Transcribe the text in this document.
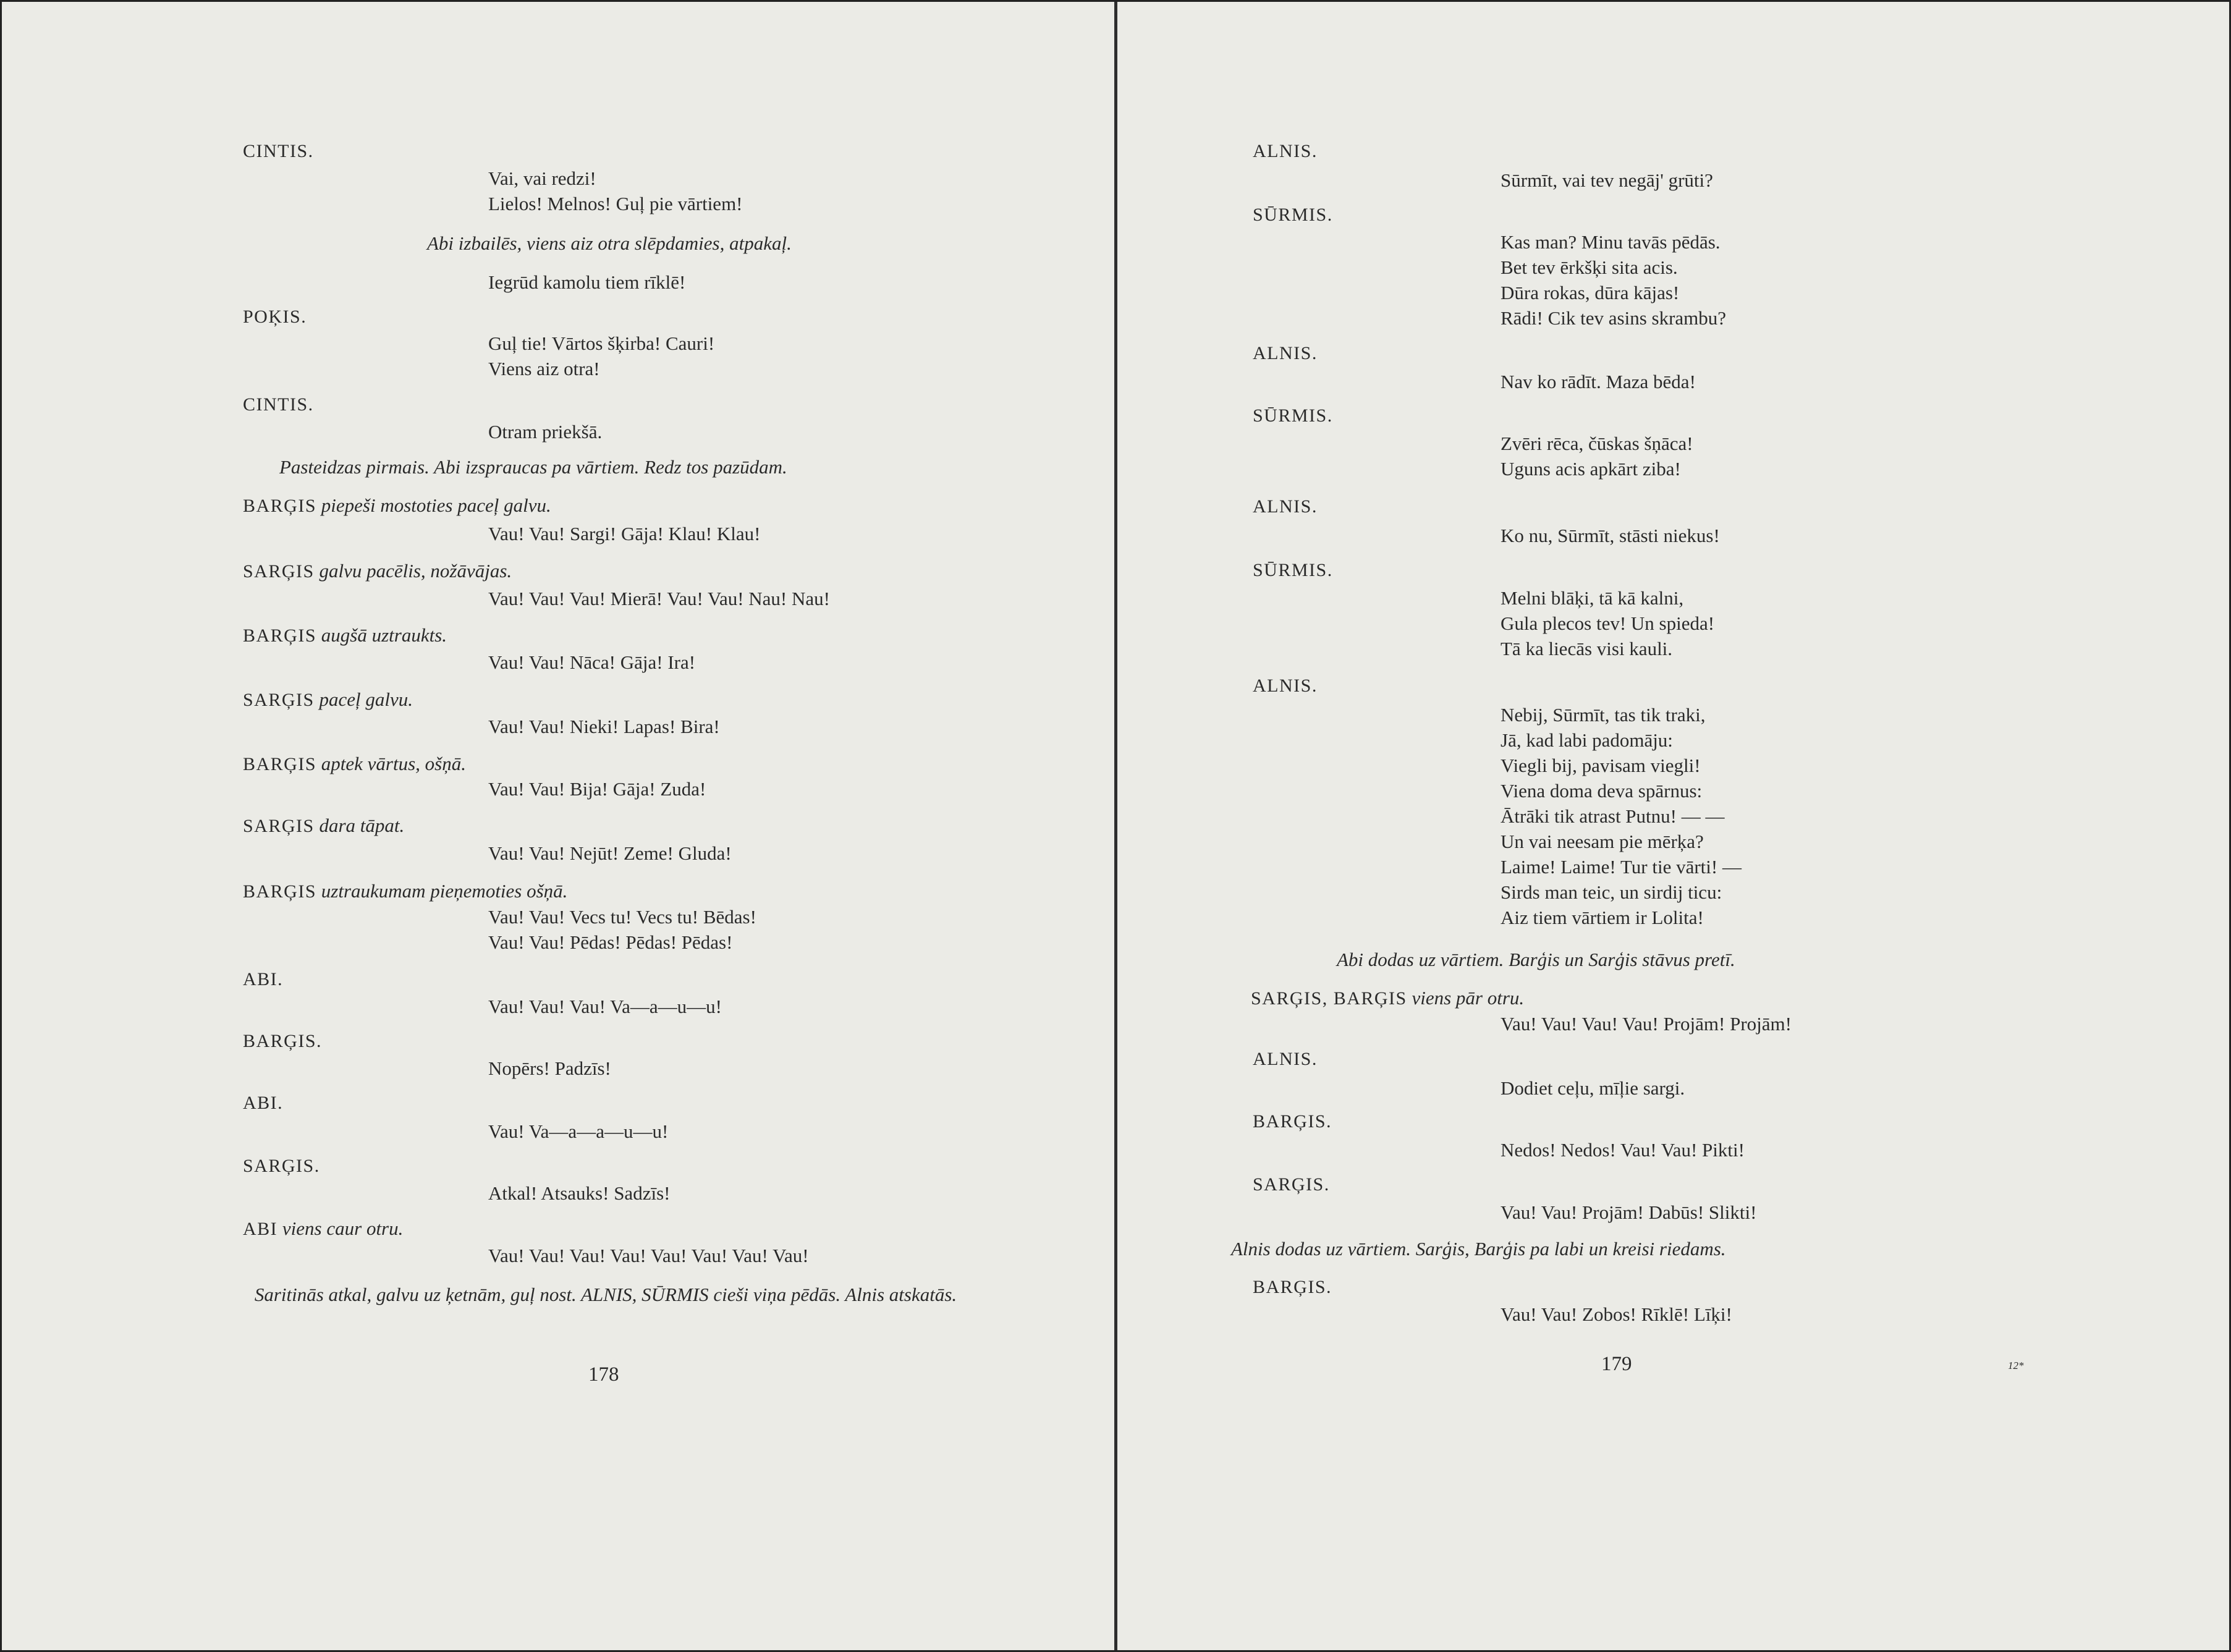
CINTIS.

Vai, vai redzi!
Lielos! Melnos! Guļ pie vārtiem!

Abi izbailēs, viens aiz otra slēpdamies, atpakaļ.

Iegrūd kamolu tiem rīklē!

POĶIS.

Guļ tie! Vārtos šķirba! Cauri!
Viens aiz otra!

CINTIS.

Otram priekšā.

Pasteidzas pirmais. Abi izspraucas pa vārtiem. Redz tos pazūdam.

BARĢIS piepeši mostoties paceļ galvu.

Vau! Vau! Sargi! Gāja! Klau! Klau!

SARĢIS galvu pacēlis, nožāvājas.

Vau! Vau! Vau! Mierā! Vau! Vau! Nau! Nau!

BARĢIS augšā uztraukts.

Vau! Vau! Nāca! Gāja! Ira!

SARĢIS paceļ galvu.

Vau! Vau! Nieki! Lapas! Bira!

BARĢIS aptek vārtus, ošņā.

Vau! Vau! Bija! Gāja! Zuda!

SARĢIS dara tāpat.

Vau! Vau! Nejūt! Zeme! Gluda!

BARĢIS uztraukumam pieņemoties ošņā.

Vau! Vau! Vecs tu! Vecs tu! Bēdas!
Vau! Vau! Pēdas! Pēdas! Pēdas!

ABI.

Vau! Vau! Vau! Va—a—u—u!

BARĢIS.

Nopērs! Padzīs!

ABI.

Vau! Va—a—a—u—u!

SARĢIS.

Atkal! Atsauks! Sadzīs!

ABI viens caur otru.

Vau! Vau! Vau! Vau! Vau! Vau! Vau! Vau!

Saritinās atkal, galvu uz ķetnām, guļ nost. ALNIS, SŪRMIS cieši viņa pēdās. Alnis atskatās.

178

ALNIS.

Sūrmīt, vai tev negāj' grūti?

SŪRMIS.

Kas man? Minu tavās pēdās.
Bet tev ērkšķi sita acis.
Dūra rokas, dūra kājas!
Rādi! Cik tev asins skrambu?

ALNIS.

Nav ko rādīt. Maza bēda!

SŪRMIS.

Zvēri rēca, čūskas šņāca!
Uguns acis apkārt ziba!

ALNIS.

Ko nu, Sūrmīt, stāsti niekus!

SŪRMIS.

Melni blāķi, tā kā kalni,
Gula plecos tev! Un spieda!
Tā ka liecās visi kauli.

ALNIS.

Nebij, Sūrmīt, tas tik traki,
Jā, kad labi padomāju:
Viegli bij, pavisam viegli!
Viena doma deva spārnus:
Ātrāki tik atrast Putnu! — —
Un vai neesam pie mērķa?
Laime! Laime! Tur tie vārti! —
Sirds man teic, un sirdij ticu:
Aiz tiem vārtiem ir Lolita!

Abi dodas uz vārtiem. Barģis un Sarģis stāvus pretī.

SARĢIS, BARĢIS viens pār otru.

Vau! Vau! Vau! Vau! Projām! Projām!

ALNIS.

Dodiet ceļu, mīļie sargi.

BARĢIS.

Nedos! Nedos! Vau! Vau! Pikti!

SARĢIS.

Vau! Vau! Projām! Dabūs! Slikti!

Alnis dodas uz vārtiem. Sarģis, Barģis pa labi un kreisi riedams.

BARĢIS.

Vau! Vau! Zobos! Rīklē! Līķi!

179	12*
